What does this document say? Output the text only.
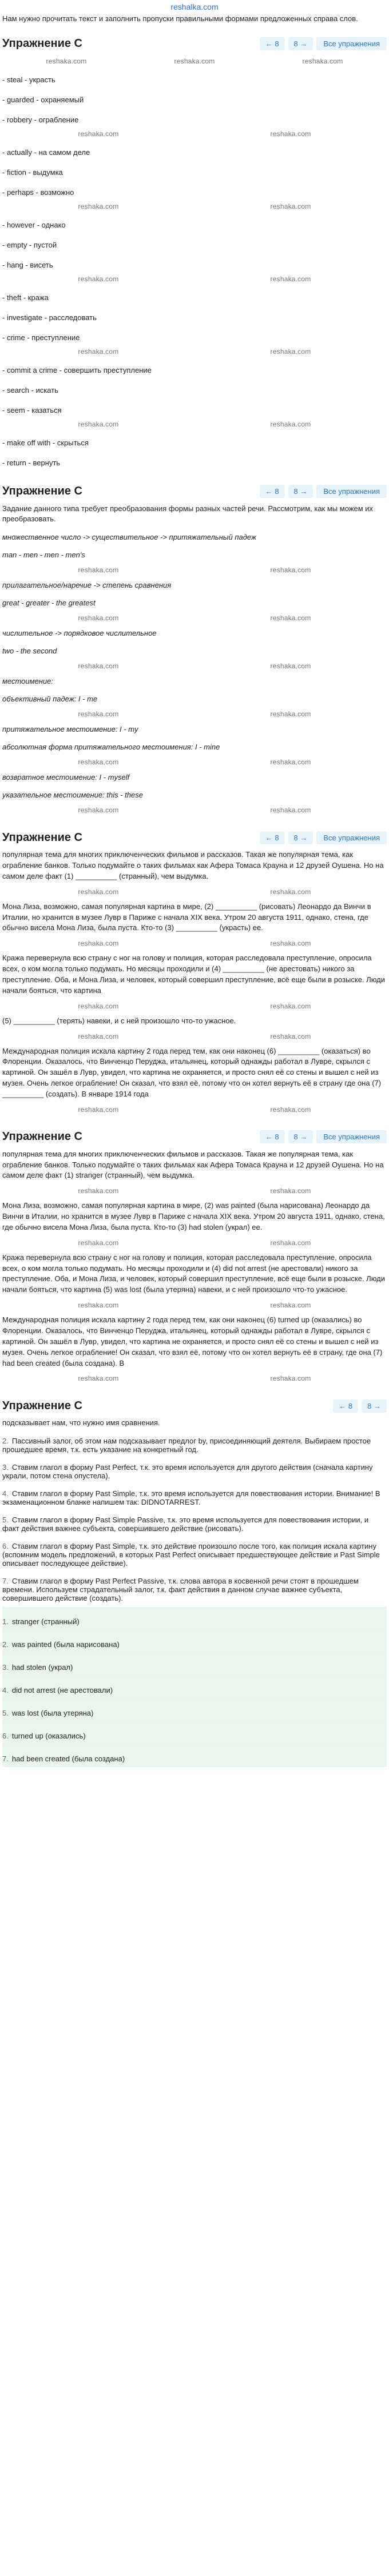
reshalka.com
Нам нужно прочитать текст и заполнить пропуски правильными формами предложенных справа слов.
Упражнение C	← 8	8 →	Все упражнения
reshaka.com	reshaka.com	reshaka.com
- steal - украсть
- guarded - охраняемый
- robbery - ограбление
reshaka.com	reshaka.com
- actually - на самом деле
- fiction - выдумка
- perhaps - возможно
reshaka.com	reshaka.com
- however - однако
- empty - пустой
- hang - висеть
reshaka.com	reshaka.com
- theft - кража
- investigate - расследовать
- crime - преступление
reshaka.com	reshaka.com
- commit a crime - совершить преступление
- search - искать
- seem - казаться
reshaka.com	reshaka.com
- make off with - скрыться
- return - вернуть
Упражнение C	← 8	8 →	Все упражнения

Задание данного типа требует преобразования формы разных частей речи. Рассмотрим, как мы можем их преобразовать.

множественное число -> существительное -> притяжательный падеж
man - men - men - men's
reshaka.com	reshaka.com
прилагательное/наречие -> степень сравнения
great - greater - the greatest
reshaka.com	reshaka.com
числительное -> порядковое числительное
two - the second
reshaka.com	reshaka.com
местоимение:
объективный падеж: I - me
reshaka.com	reshaka.com
притяжательное местоимение: I - my
абсолютная форма притяжательного местоимения: I - mine
reshaka.com	reshaka.com
возвратное местоимение: I - myself
указательное местоимение: this - these
reshaka.com	reshaka.com
Упражнение C	← 8	8 →	Все упражнения

популярная тема для многих приключенческих фильмов и рассказов. Такая же популярная тема, как ограбление банков. Только подумайте о таких фильмах как Афера Томаса Крауна и 12 друзей Оушена. Но на самом деле факт (1) __________ (странный), чем выдумка.

reshaka.com	reshaka.com

Мона Лиза, возможно, самая популярная картина в мире, (2) __________ (рисовать) Леонардо да Винчи в Италии, но хранится в музее Лувр в Париже с начала XIX века. Утром 20 августа 1911, однако, стена, где обычно висела Мона Лиза, была пуста. Кто-то (3) __________ (украсть) ее.

reshaka.com	reshaka.com

Кража перевернула всю страну с ног на голову и полиция, которая расследовала преступление, опросила всех, о ком могла только подумать. Но месяцы проходили и (4) __________ (не арестовать) никого за преступление. Оба, и Мона Лиза, и человек, который совершил преступление, всё еще были в розыске. Люди начали бояться, что картина

reshaka.com	reshaka.com

(5) __________ (терять) навеки, и с ней произошло что-то ужасное.

reshaka.com	reshaka.com

Международная полиция искала картину 2 года перед тем, как они наконец (6) __________ (оказаться) во Флоренции. Оказалось, что Винченцо Перуджа, итальянец, который однажды работал в Лувре, скрылся с картиной. Он зашёл в Лувр, увидел, что картина не охраняется, и просто снял её со стены и вышел с ней из музея. Очень легкое ограбление! Он сказал, что взял её, потому что он хотел вернуть её в страну где она (7) __________ (создать). В январе 1914 года

reshaka.com	reshaka.com
Упражнение C	← 8	8 →	Все упражнения

популярная тема для многих приключенческих фильмов и рассказов. Такая же популярная тема, как ограбление банков. Только подумайте о таких фильмах как Афера Томаса Крауна и 12 друзей Оушена. Но на самом деле факт (1) stranger (странный), чем выдумка.

reshaka.com	reshaka.com

Мона Лиза, возможно, самая популярная картина в мире, (2) was painted (была нарисована) Леонардо да Винчи в Италии, но хранится в музее Лувр в Париже с начала XIX века. Утром 20 августа 1911, однако, стена, где обычно висела Мона Лиза, была пуста. Кто-то (3) had stolen (украл) ее.

reshaka.com	reshaka.com

Кража перевернула всю страну с ног на голову и полиция, которая расследовала преступление, опросила всех, о ком могла только подумать. Но месяцы проходили и (4) did not arrest (не арестовали) никого за преступление. Оба, и Мона Лиза, и человек, который совершил преступление, всё еще были в розыске. Люди начали бояться, что картина (5) was lost (была утеряна) навеки, и с ней произошло что-то ужасное.

reshaka.com	reshaka.com

Международная полиция искала картину 2 года перед тем, как они наконец (6) turned up (оказались) во Флоренции. Оказалось, что Винченцо Перуджа, итальянец, который однажды работал в Лувре, скрылся с картиной. Он зашёл в Лувр, увидел, что картина не охраняется, и просто снял её со стены и вышел с ней из музея. Очень легкое ограбление! Он сказал, что взял её, потому что он хотел вернуть её в страну, где она (7) had been created (была создана). В

reshaka.com	reshaka.com
Упражнение C	← 8	8 →

подсказывает нам, что нужно имя сравнения.

2. Пассивный залог, об этом нам подсказывает предлог by, присоединяющий деятеля. Выбираем простое прошедшее время, т.к. есть указание на конкретный год.
3. Ставим глагол в форму Past Perfect, т.к. это время используется для другого действия (сначала картину украли, потом стена опустела).
4. Ставим глагол в форму Past Simple, т.к. это время используется для повествования истории. Внимание! В экзаменационном бланке напишем так: DIDNOTARREST.
5. Ставим глагол в форму Past Simple Passive, т.к. это время используется для повествования истории, и факт действия важнее субъекта, совершившего действие (рисовать).
6. Ставим глагол в форму Past Simple, т.к. это действие произошло после того, как полиция искала картину (вспомним модель предложений, в которых Past Perfect описывает предшествующее действие и Past Simple описывает последующее действие).
7. Ставим глагол в форму Past Perfect Passive, т.к. слова автора в косвенной речи стоят в прошедшем времени. Используем страдательный залог, т.к. факт действия в данном случае важнее субъекта, совершившего действие (создать).
1. stranger (странный)
2. was painted (была нарисована)
3. had stolen (украл)
4. did not arrest (не арестовали)
5. was lost (была утеряна)
6. turned up (оказались)
7. had been created (была создана)
